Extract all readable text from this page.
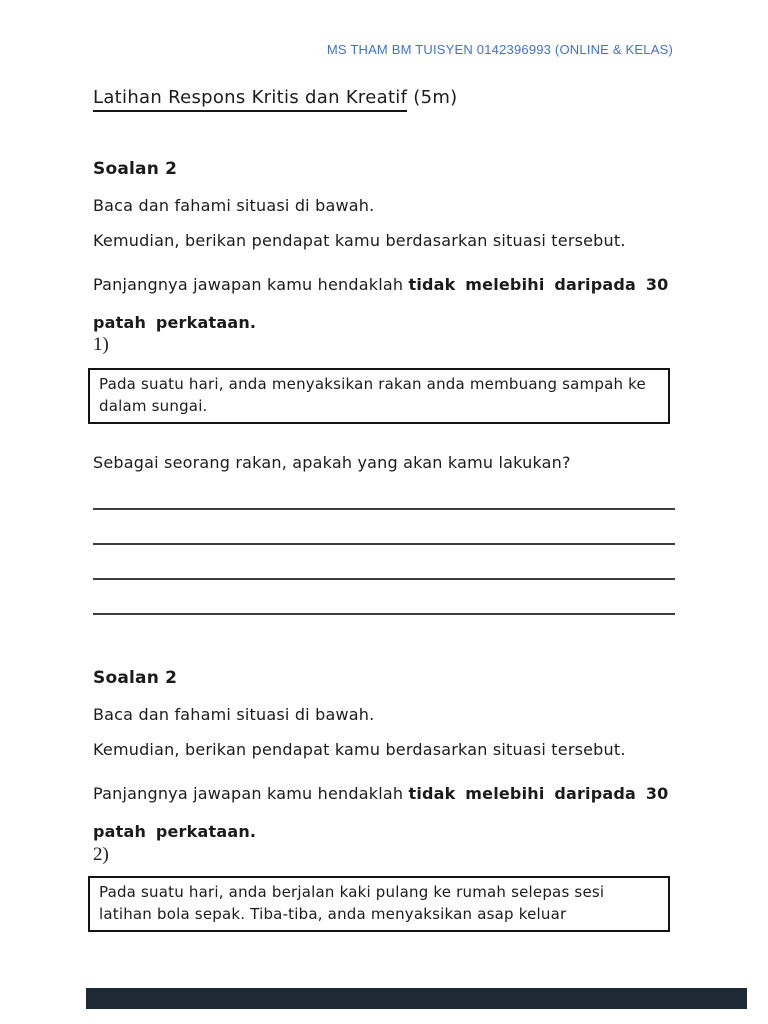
MS THAM BM TUISYEN 0142396993 (ONLINE & KELAS)
Latihan Respons Kritis dan Kreatif (5m)
Soalan 2
Baca dan fahami situasi di bawah.
Kemudian, berikan pendapat kamu berdasarkan situasi tersebut.
Panjangnya jawapan kamu hendaklah tidak melebihi daripada 30
patah perkataan.
1)
Pada suatu hari, anda menyaksikan rakan anda membuang sampah ke dalam sungai.
Sebagai seorang rakan, apakah yang akan kamu lakukan?
Soalan 2
Baca dan fahami situasi di bawah.
Kemudian, berikan pendapat kamu berdasarkan situasi tersebut.
Panjangnya jawapan kamu hendaklah tidak melebihi daripada 30
patah perkataan.
2)
Pada suatu hari, anda berjalan kaki pulang ke rumah selepas sesi latihan bola sepak. Tiba-tiba, anda menyaksikan asap keluar
